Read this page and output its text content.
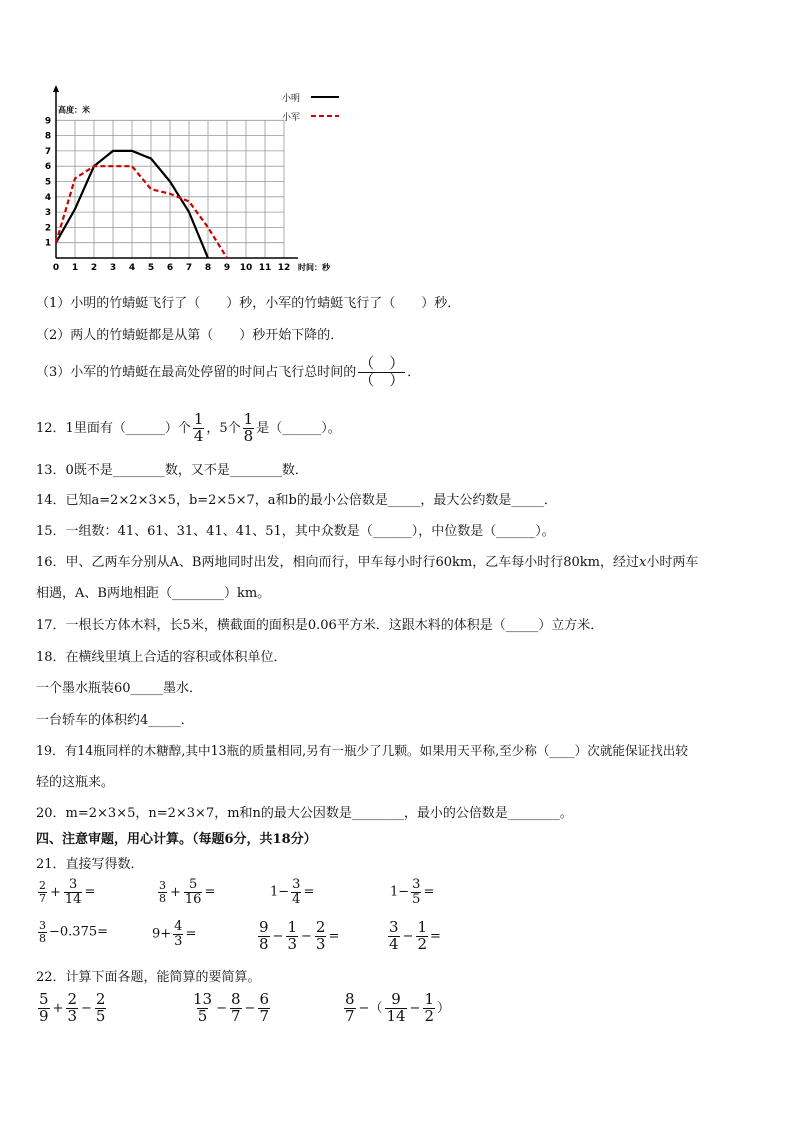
0 1 2 3 4 5 6 7 8 9 10 11 12
1
2
3
4
5
6
7
8
9
高度：米
时间：秒
小明
小军
（1）小明的竹蜻蜓飞行了（　　）秒，小军的竹蜻蜓飞行了（　　）秒．
（2）两人的竹蜻蜓都是从第（　　）秒开始下降的．
（3）小军的竹蜻蜓在最高处停留的时间占飞行总时间的 $\frac{( )}{( )}$ ．
12．1里面有（______）个 $\frac{1}{4}$ ，5个 $\frac{1}{8}$ 是（______）。
13．0既不是________数，又不是________数．
14．已知a=2×2×3×5，b=2×5×7，a和b的最小公倍数是_____，最大公约数是_____．
15．一组数：41、61、31、41、41、51，其中众数是（______），中位数是（______）。
16．甲、乙两车分别从A、B两地同时出发，相向而行，甲车每小时行60km，乙车每小时行80km，经过x小时两车
相遇，A、B两地相距（________）km。
17．一根长方体木料，长5米，横截面的面积是0.06平方米．这跟木料的体积是（_____）立方米．
18．在横线里填上合适的容积或体积单位．
一个墨水瓶装60_____墨水．
一台轿车的体积约4_____．
19．有14瓶同样的木糖醇,其中13瓶的质量相同,另有一瓶少了几颗。如果用天平称,至少称（____）次就能保证找出较
轻的这瓶来。
20．m=2×3×5，n=2×3×7，m和n的最大公因数是________，最小的公倍数是________。
四、注意审题，用心计算。（每题6分，共18分）
21．直接写得数．
$\frac{2}{7} + \frac{3}{14}$ =	$\frac{3}{8} + \frac{5}{16}$ =	$1- \frac{3}{4}$ =	$1- \frac{3}{5}$ =
$\frac{3}{8} -0.375=$	$9+ \frac{4}{3}$ =	$\frac{9}{8} - \frac{1}{3} - \frac{2}{3}$ =	$\frac{3}{4} - \frac{1}{2}$ =
22．计算下面各题，能简算的要简算。
$\frac{5}{9} + \frac{2}{3} - \frac{2}{5}$	$\frac{13}{5} - \frac{8}{7} - \frac{6}{7}$	$\frac{8}{7}$ −（ $\frac{9}{14} - \frac{1}{2}$ ）
